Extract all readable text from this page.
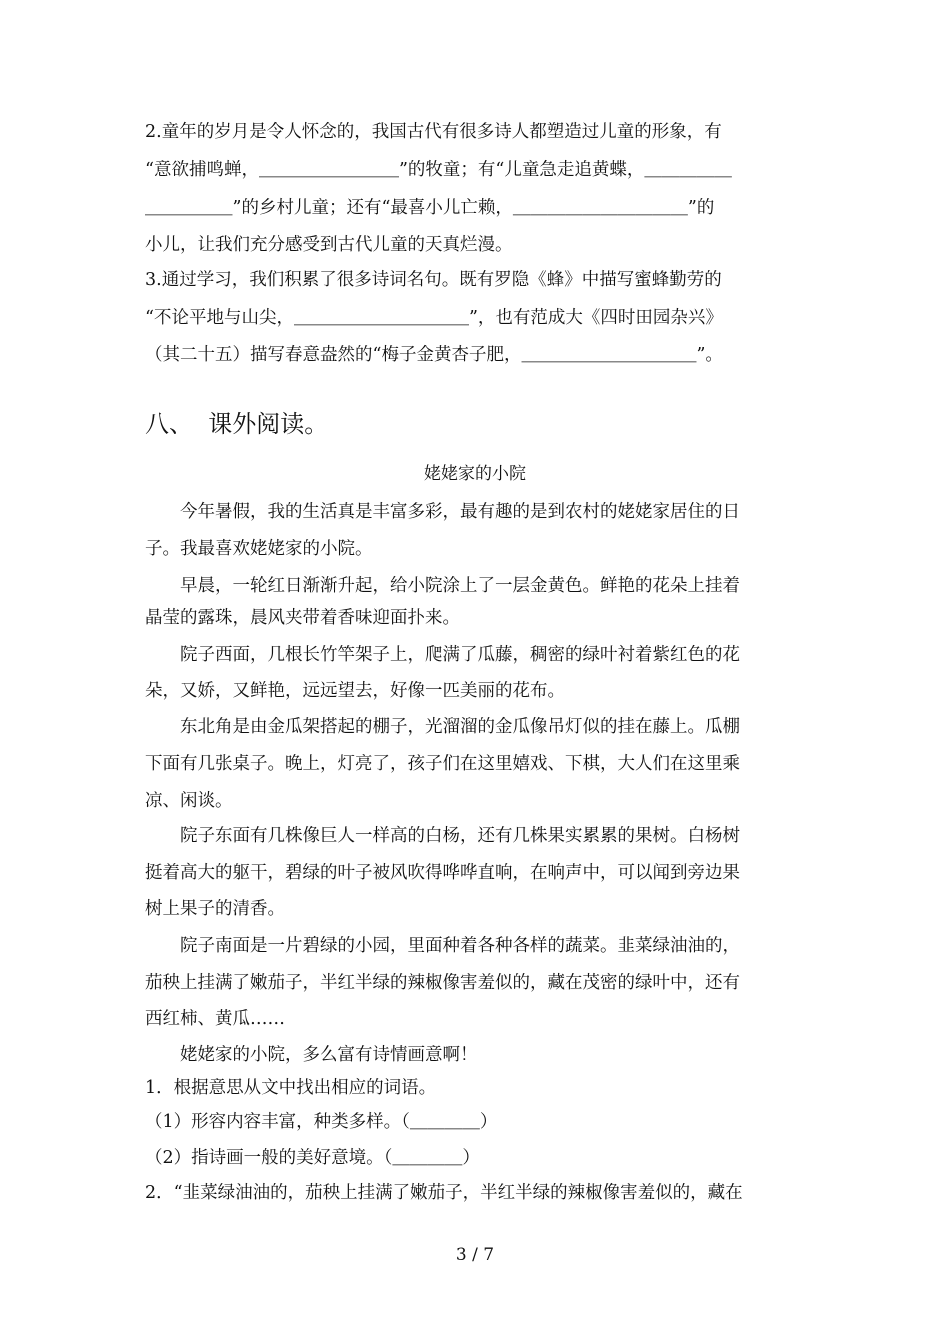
2.童年的岁月是令人怀念的，我国古代有很多诗人都塑造过儿童的形象，有
“意欲捕鸣蝉，＿＿＿＿＿＿＿＿”的牧童；有“儿童急走追黄蝶，＿＿＿＿＿
＿＿＿＿＿”的乡村儿童；还有“最喜小儿亡赖，＿＿＿＿＿＿＿＿＿＿”的
小儿，让我们充分感受到古代儿童的天真烂漫。
3.通过学习，我们积累了很多诗词名句。既有罗隐《蜂》中描写蜜蜂勤劳的
“不论平地与山尖，＿＿＿＿＿＿＿＿＿＿”，也有范成大《四时田园杂兴》
（其二十五）描写春意盎然的“梅子金黄杏子肥，＿＿＿＿＿＿＿＿＿＿”。
八、  课外阅读。
姥姥家的小院
　　今年暑假，我的生活真是丰富多彩，最有趣的是到农村的姥姥家居住的日
子。我最喜欢姥姥家的小院。
　　早晨，一轮红日渐渐升起，给小院涂上了一层金黄色。鲜艳的花朵上挂着
晶莹的露珠，晨风夹带着香味迎面扑来。
　　院子西面，几根长竹竿架子上，爬满了瓜藤，稠密的绿叶衬着紫红色的花
朵，又娇，又鲜艳，远远望去，好像一匹美丽的花布。
　　东北角是由金瓜架搭起的棚子，光溜溜的金瓜像吊灯似的挂在藤上。瓜棚
下面有几张桌子。晚上，灯亮了，孩子们在这里嬉戏、下棋，大人们在这里乘
凉、闲谈。
　　院子东面有几株像巨人一样高的白杨，还有几株果实累累的果树。白杨树
挺着高大的躯干，碧绿的叶子被风吹得哗哗直响，在响声中，可以闻到旁边果
树上果子的清香。
　　院子南面是一片碧绿的小园，里面种着各种各样的蔬菜。韭菜绿油油的，
茄秧上挂满了嫩茄子，半红半绿的辣椒像害羞似的，藏在茂密的绿叶中，还有
西红柿、黄瓜……
　　姥姥家的小院，多么富有诗情画意啊！
1．根据意思从文中找出相应的词语。
（1）形容内容丰富，种类多样。（＿＿＿＿）
（2）指诗画一般的美好意境。（＿＿＿＿）
2．“韭菜绿油油的，茄秧上挂满了嫩茄子，半红半绿的辣椒像害羞似的，藏在
3 / 7
